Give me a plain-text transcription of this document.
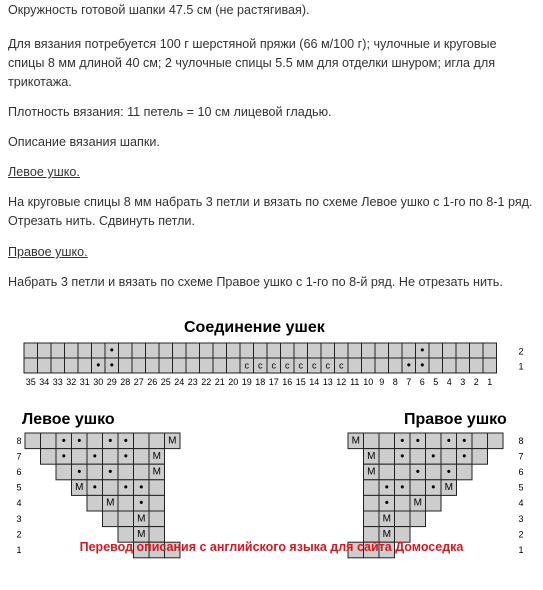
Окружность готовой шапки 47.5 см (не растягивая).

Для вязания потребуется 100 г шерстяной пряжи (66 м/100 г); чулочные и круговые спицы 8 мм длиной 40 см; 2 чулочные спицы 5.5 мм для отделки шнуром; игла для трикотажа.

Плотность вязания: 11 петель = 10 см лицевой гладью.

Описание вязания шапки.

Левое ушко.

На круговые спицы 8 мм набрать 3 петли и вязать по схеме Левое ушко с 1-го по 8-1 ряд. Отрезать нить. Сдвинуть петли.

Правое ушко.

Набрать 3 петли и вязать по схеме Правое ушко с 1-го по 8-й ряд. Не отрезать нить.

Соединение ушек
Левое ушко	Правое ушко
•	•	2
• •	c c c c c c c c	• •	1
35 34 33 32 31 30 29 28 27 26 25 24 23 22 21 20 19 18 17 16 15 14 13 12 11 10 9 8 7 6 5 4 3 2 1
• • • •	M
8
• • • M
7
• •	M
6
M • • •
5
M •
4
M
3
M
2
1
M	• • • •	8
M • • •	7
M	• •	6
• • • M	5
• M	4
M	3
M	2
1
Перевод описания с английского языка для сайта Домоседка
